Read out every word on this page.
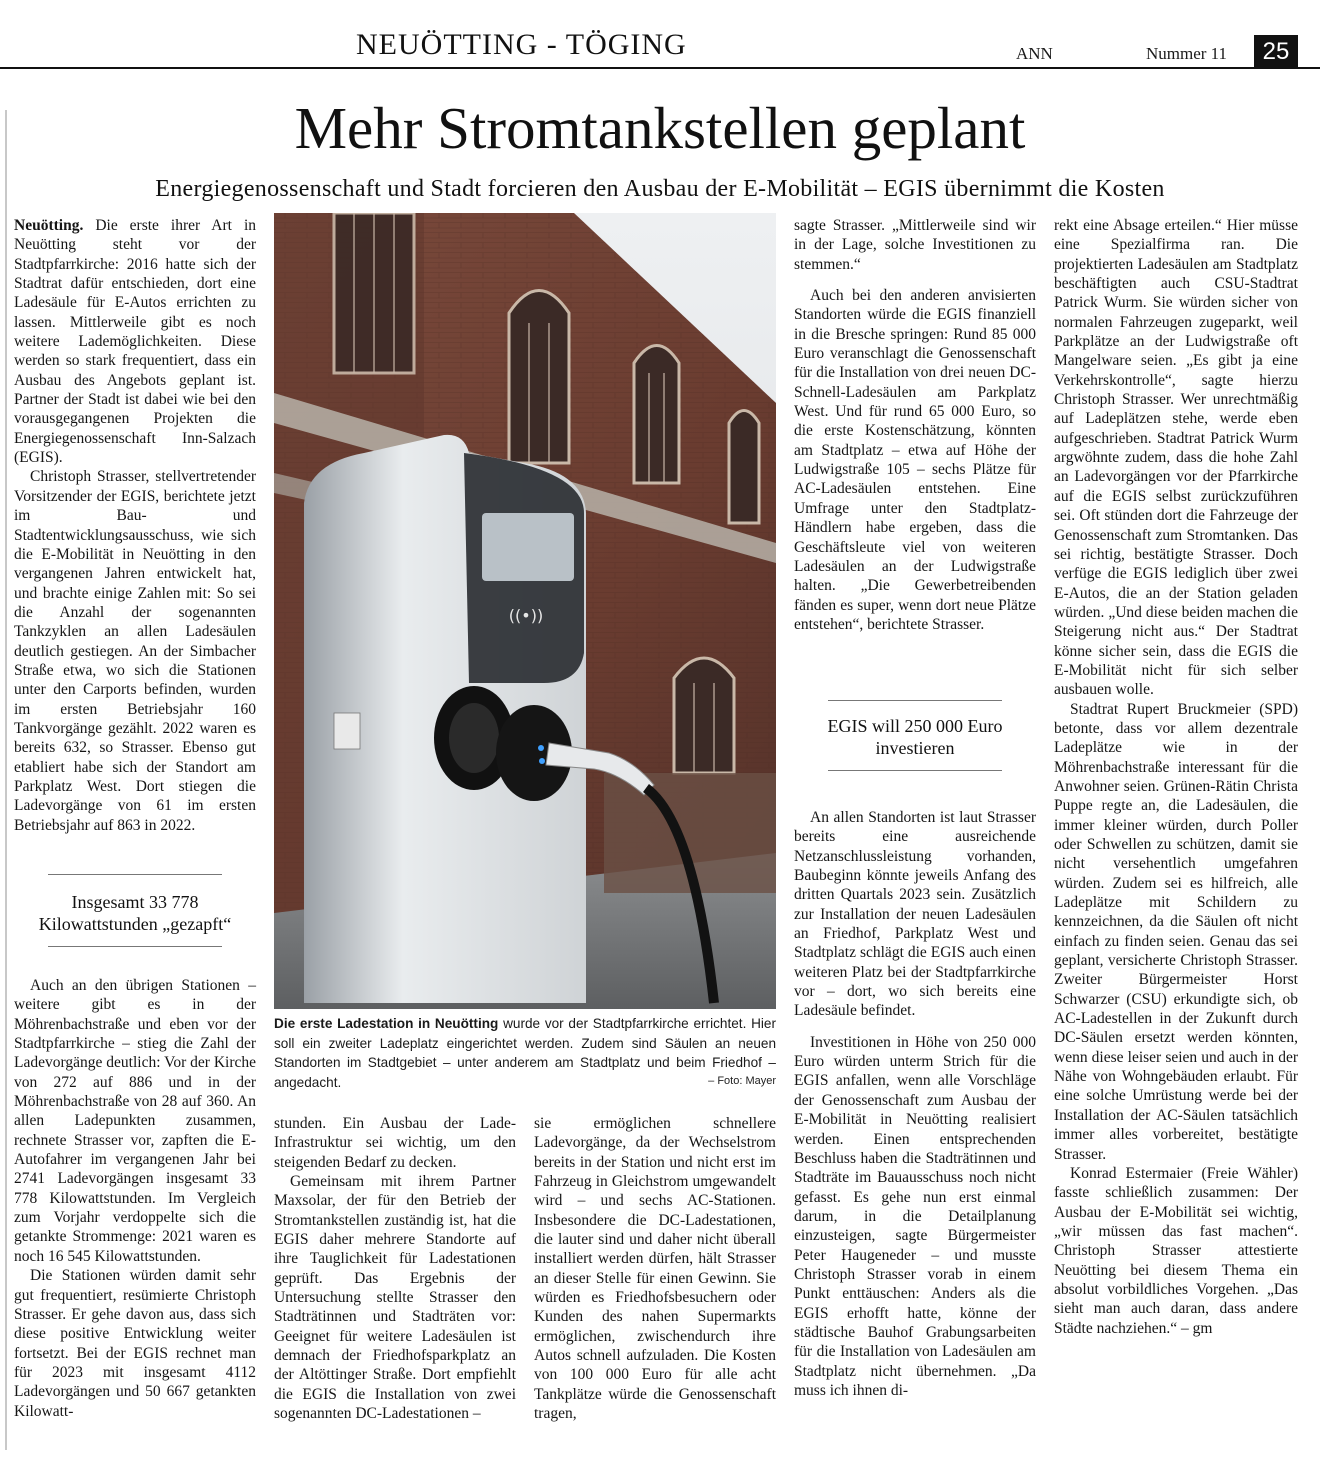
NEUÖTTING - TÖGING	ANN	Nummer 11	25
Mehr Stromtankstellen geplant
Energiegenossenschaft und Stadt forcieren den Ausbau der E-Mobilität – EGIS übernimmt die Kosten

Neuötting. Die erste ihrer Art in Neuötting steht vor der Stadtpfarrkirche: 2016 hatte sich der Stadtrat dafür entschieden, dort eine Ladesäule für E-Autos errichten zu lassen. Mittlerweile gibt es noch weitere Lademöglichkeiten. Diese werden so stark frequentiert, dass ein Ausbau des Angebots geplant ist. Partner der Stadt ist dabei wie bei den vorausgegangenen Projekten die Energiegenossenschaft Inn-Salzach (EGIS).

Christoph Strasser, stellvertretender Vorsitzender der EGIS, berichtete jetzt im Bau- und Stadtentwicklungsausschuss, wie sich die E-Mobilität in Neuötting in den vergangenen Jahren entwickelt hat, und brachte einige Zahlen mit: So sei die Anzahl der sogenannten Tankzyklen an allen Ladesäulen deutlich gestiegen. An der Simbacher Straße etwa, wo sich die Stationen unter den Carports befinden, wurden im ersten Betriebsjahr 160 Tankvorgänge gezählt. 2022 waren es bereits 632, so Strasser. Ebenso gut etabliert habe sich der Standort am Parkplatz West. Dort stiegen die Ladevorgänge von 61 im ersten Betriebsjahr auf 863 in 2022.

Insgesamt 33 778 Kilowattstunden „gezapft“

Auch an den übrigen Stationen – weitere gibt es in der Möhrenbachstraße und eben vor der Stadtpfarrkirche – stieg die Zahl der Ladevorgänge deutlich: Vor der Kirche von 272 auf 886 und in der Möhrenbachstraße von 28 auf 360. An allen Ladepunkten zusammen, rechnete Strasser vor, zapften die E-Autofahrer im vergangenen Jahr bei 2741 Ladevorgängen insgesamt 33 778 Kilowattstunden. Im Vergleich zum Vorjahr verdoppelte sich die getankte Strommenge: 2021 waren es noch 16 545 Kilowattstunden.

Die Stationen würden damit sehr gut frequentiert, resümierte Christoph Strasser. Er gehe davon aus, dass sich diese positive Entwicklung weiter fortsetzt. Bei der EGIS rechnet man für 2023 mit insgesamt 4112 Ladevorgängen und 50 667 getankten Kilowatt-

((•))
Die erste Ladestation in Neuötting wurde vor der Stadtpfarrkirche errichtet. Hier soll ein zweiter Ladeplatz eingerichtet werden. Zudem sind Säulen an neuen Standorten im Stadtgebiet – unter anderem am Stadtplatz und beim Friedhof – angedacht.	– Foto: Mayer

stunden. Ein Ausbau der Lade-Infrastruktur sei wichtig, um den steigenden Bedarf zu decken.

Gemeinsam mit ihrem Partner Maxsolar, der für den Betrieb der Stromtankstellen zuständig ist, hat die EGIS daher mehrere Standorte auf ihre Tauglichkeit für Ladestationen geprüft. Das Ergebnis der Untersuchung stellte Strasser den Stadträtinnen und Stadträten vor: Geeignet für weitere Ladesäulen ist demnach der Friedhofsparkplatz an der Altöttinger Straße. Dort empfiehlt die EGIS die Installation von zwei sogenannten DC-Ladestationen –

sie ermöglichen schnellere Ladevorgänge, da der Wechselstrom bereits in der Station und nicht erst im Fahrzeug in Gleichstrom umgewandelt wird – und sechs AC-Stationen. Insbesondere die DC-Ladestationen, die lauter sind und daher nicht überall installiert werden dürfen, hält Strasser an dieser Stelle für einen Gewinn. Sie würden es Friedhofsbesuchern oder Kunden des nahen Supermarkts ermöglichen, zwischendurch ihre Autos schnell aufzuladen. Die Kosten von 100 000 Euro für alle acht Tankplätze würde die Genossenschaft tragen,

sagte Strasser. „Mittlerweile sind wir in der Lage, solche Investitionen zu stemmen.“

Auch bei den anderen anvisierten Standorten würde die EGIS finanziell in die Bresche springen: Rund 85 000 Euro veranschlagt die Genossenschaft für die Installation von drei neuen DC-Schnell-Ladesäulen am Parkplatz West. Und für rund 65 000 Euro, so die erste Kostenschätzung, könnten am Stadtplatz – etwa auf Höhe der Ludwigstraße 105 – sechs Plätze für AC-Ladesäulen entstehen. Eine Umfrage unter den Stadtplatz-Händlern habe ergeben, dass die Geschäftsleute viel von weiteren Ladesäulen an der Ludwigstraße halten. „Die Gewerbetreibenden fänden es super, wenn dort neue Plätze entstehen“, berichtete Strasser.

EGIS will 250 000 Euro investieren

An allen Standorten ist laut Strasser bereits eine ausreichende Netzanschlussleistung vorhanden, Baubeginn könnte jeweils Anfang des dritten Quartals 2023 sein. Zusätzlich zur Installation der neuen Ladesäulen an Friedhof, Parkplatz West und Stadtplatz schlägt die EGIS auch einen weiteren Platz bei der Stadtpfarrkirche vor – dort, wo sich bereits eine Ladesäule befindet.

Investitionen in Höhe von 250 000 Euro würden unterm Strich für die EGIS anfallen, wenn alle Vorschläge der Genossenschaft zum Ausbau der E-Mobilität in Neuötting realisiert werden. Einen entsprechenden Beschluss haben die Stadträtinnen und Stadträte im Bauausschuss noch nicht gefasst. Es gehe nun erst einmal darum, in die Detailplanung einzusteigen, sagte Bürgermeister Peter Haugeneder – und musste Christoph Strasser vorab in einem Punkt enttäuschen: Anders als die EGIS erhofft hatte, könne der städtische Bauhof Grabungsarbeiten für die Installation von Ladesäulen am Stadtplatz nicht übernehmen. „Da muss ich ihnen di-

rekt eine Absage erteilen.“ Hier müsse eine Spezialfirma ran. Die projektierten Ladesäulen am Stadtplatz beschäftigten auch CSU-Stadtrat Patrick Wurm. Sie würden sicher von normalen Fahrzeugen zugeparkt, weil Parkplätze an der Ludwigstraße oft Mangelware seien. „Es gibt ja eine Verkehrskontrolle“, sagte hierzu Christoph Strasser. Wer unrechtmäßig auf Ladeplätzen stehe, werde eben aufgeschrieben. Stadtrat Patrick Wurm argwöhnte zudem, dass die hohe Zahl an Ladevorgängen vor der Pfarrkirche auf die EGIS selbst zurückzuführen sei. Oft stünden dort die Fahrzeuge der Genossenschaft zum Stromtanken. Das sei richtig, bestätigte Strasser. Doch verfüge die EGIS lediglich über zwei E-Autos, die an der Station geladen würden. „Und diese beiden machen die Steigerung nicht aus.“ Der Stadtrat könne sicher sein, dass die EGIS die E-Mobilität nicht für sich selber ausbauen wolle.

Stadtrat Rupert Bruckmeier (SPD) betonte, dass vor allem dezentrale Ladeplätze wie in der Möhrenbachstraße interessant für die Anwohner seien. Grünen-Rätin Christa Puppe regte an, die Ladesäulen, die immer kleiner würden, durch Poller oder Schwellen zu schützen, damit sie nicht versehentlich umgefahren würden. Zudem sei es hilfreich, alle Ladeplätze mit Schildern zu kennzeichnen, da die Säulen oft nicht einfach zu finden seien. Genau das sei geplant, versicherte Christoph Strasser. Zweiter Bürgermeister Horst Schwarzer (CSU) erkundigte sich, ob AC-Ladestellen in der Zukunft durch DC-Säulen ersetzt werden könnten, wenn diese leiser seien und auch in der Nähe von Wohngebäuden erlaubt. Für eine solche Umrüstung werde bei der Installation der AC-Säulen tatsächlich immer alles vorbereitet, bestätigte Strasser.

Konrad Estermaier (Freie Wähler) fasste schließlich zusammen: Der Ausbau der E-Mobilität sei wichtig, „wir müssen das fast machen“. Christoph Strasser attestierte Neuötting bei diesem Thema ein absolut vorbildliches Vorgehen. „Das sieht man auch daran, dass andere Städte nachziehen.“ – gm
